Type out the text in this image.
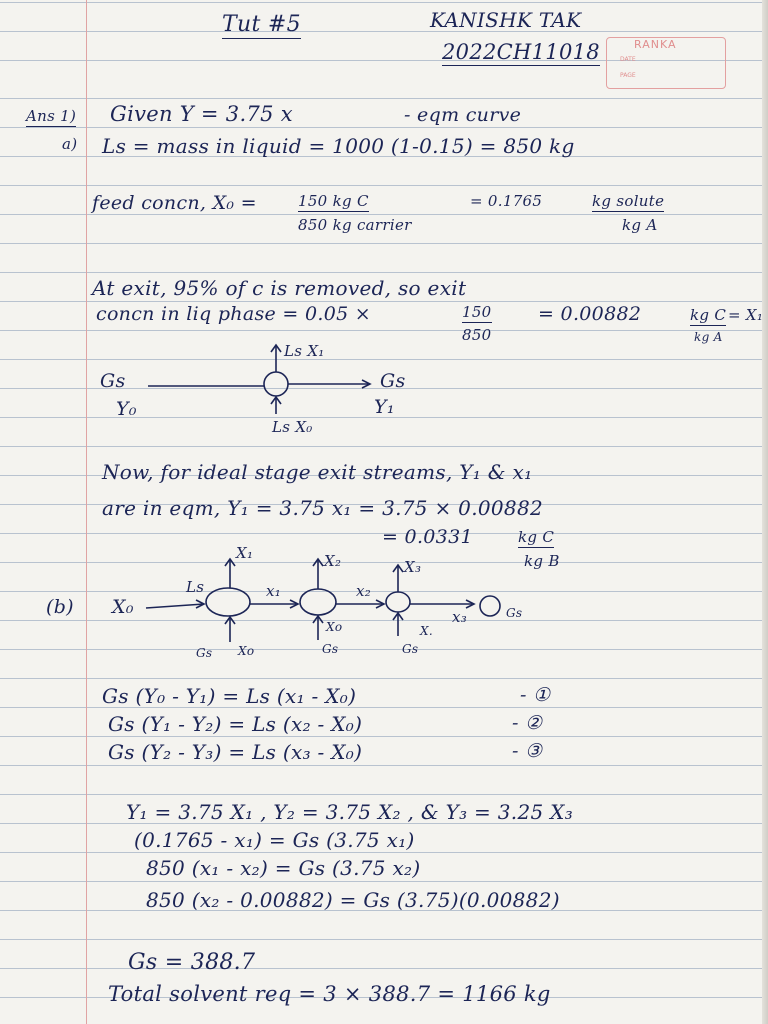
RANKA
DATE
PAGE
Tut #5	KANISHK TAK
2022CH11018
Ans 1) Given Y = 3.75 x	- eqm curve
a) Ls = mass in liquid = 1000 (1-0.15) = 850 kg
feed concn, X₀ =	150 kg C
850 kg carrier
= 0.1765	kg solute
kg A
At exit, 95% of c is removed, so exit
concn in liq phase = 0.05 ×	150
850
= 0.00882	kg C
kg A
= X₁
Ls X₁
Gs
Y₀
Gs
Y₁
Ls X₀
Now, for ideal stage exit streams, Y₁ & x₁
are in eqm, Y₁ = 3.75 x₁ = 3.75 × 0.00882
= 0.0331	kg C
kg B
(b) X₀
Ls
X₁	X₂	X₃
x₁	x₂
x₃	Gs
Xo
Xo	X.
Gs	Gs	Gs
Gs (Y₀ - Y₁) = Ls (x₁ - X₀)	- ①
Gs (Y₁ - Y₂) = Ls (x₂ - X₀)	- ②
Gs (Y₂ - Y₃) = Ls (x₃ - X₀)	- ③
Y₁ = 3.75 X₁ , Y₂ = 3.75 X₂ , & Y₃ = 3.25 X₃
(0.1765 - x₁) = Gs (3.75 x₁)
850 (x₁ - x₂) = Gs (3.75 x₂)
850 (x₂ - 0.00882) = Gs (3.75)(0.00882)
Gs = 388.7
Total solvent req = 3 × 388.7 = 1166 kg
